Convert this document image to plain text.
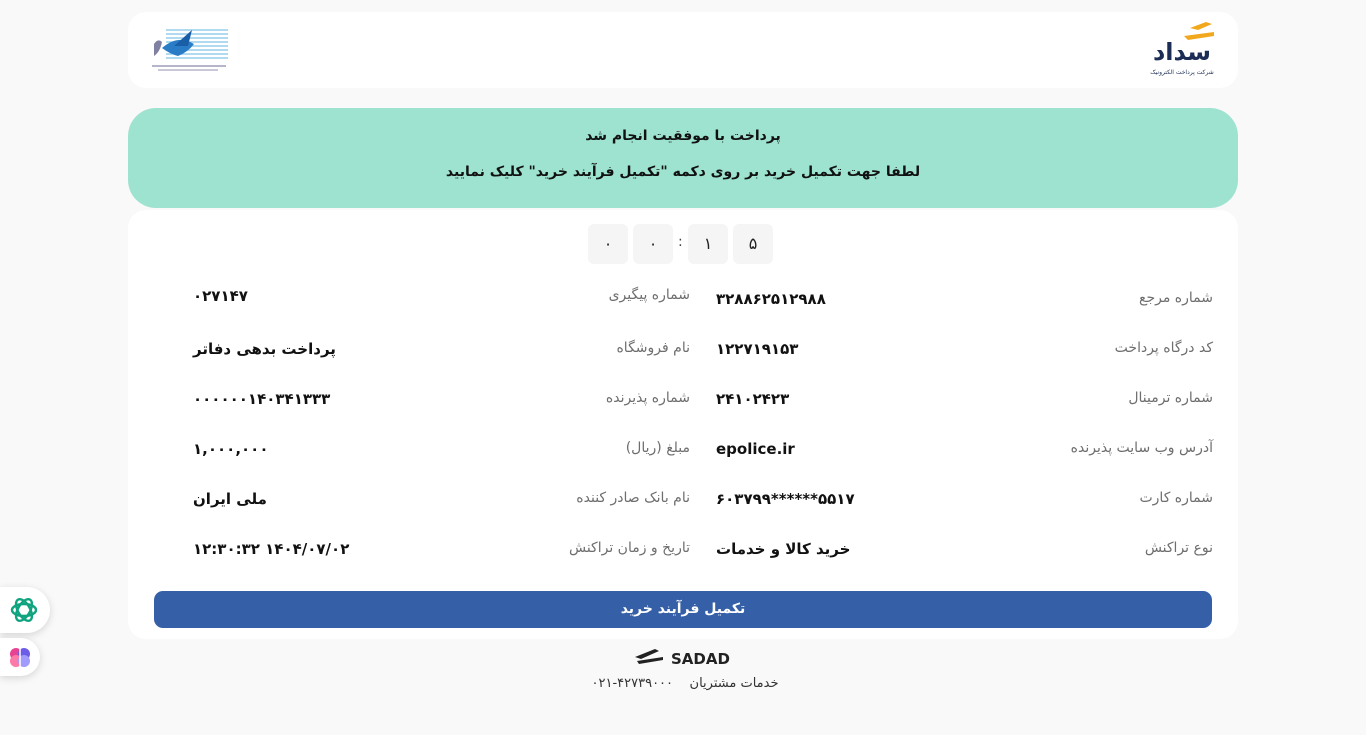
سداد
شرکت پرداخت الکترونیک
پرداخت با موفقیت انجام شد
لطفا جهت تکمیل خرید بر روی دکمه "تکمیل فرآیند خرید" کلیک نمایید
۰	۰	:	۱	۵
شماره مرجع
۳۲۸۸۶۲۵۱۲۹۸۸
کد درگاه پرداخت
۱۲۲۷۱۹۱۵۳
شماره ترمینال
۲۴۱۰۲۴۲۳
آدرس وب سایت پذیرنده
epolice.ir
شماره کارت
۶۰۳۷۹۹******۵۵۱۷
نوع تراکنش
خرید کالا و خدمات
شماره پیگیری
۰۲۷۱۴۷
نام فروشگاه
پرداخت بدهی دفاتر
شماره پذیرنده
۰۰۰۰۰۰۱۴۰۳۴۱۳۳۳
مبلغ (ریال)
۱,۰۰۰,۰۰۰
نام بانک صادر کننده
ملی ایران
تاریخ و زمان تراکنش
۱۲:۳۰:۳۲ ۱۴۰۴/۰۷/۰۲
تکمیل فرآیند خرید
SADAD
خدمات مشتریان    ۰۲۱-۴۲۷۳۹۰۰۰
